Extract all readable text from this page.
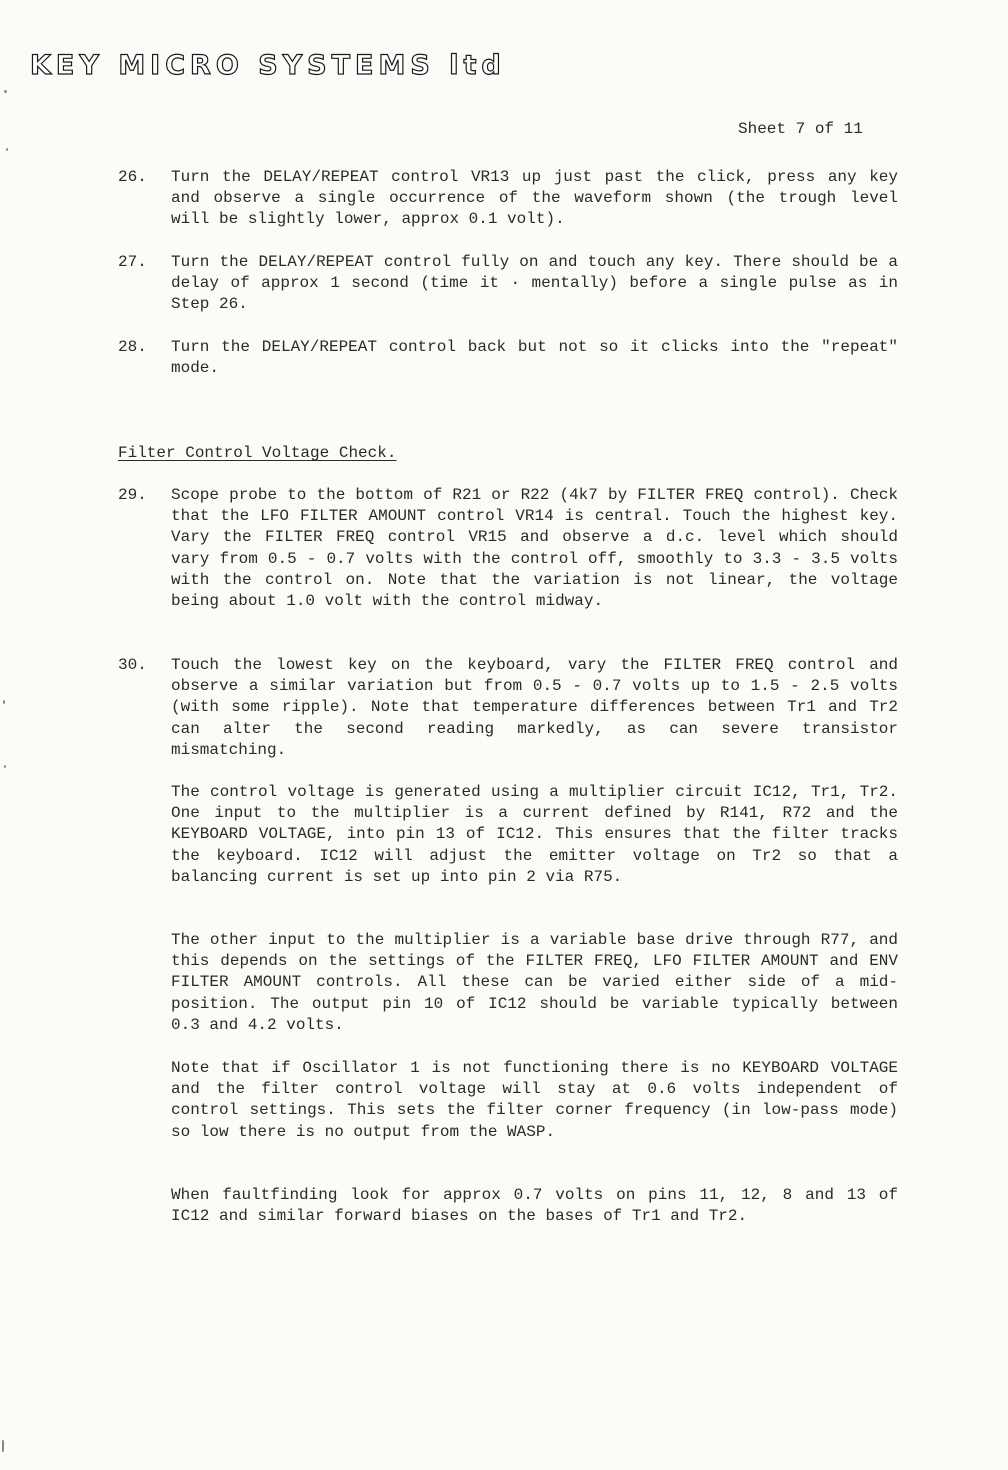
KEY MICRO SYSTEMS ltd
Sheet 7 of 11
26.	Turn the DELAY/REPEAT control VR13 up just past the click, press any key and observe a single occurrence of the waveform shown (the trough level will be slightly lower, approx 0.1 volt).
27.	Turn the DELAY/REPEAT control fully on and touch any key. There should be a delay of approx 1 second (time it · mentally) before a single pulse as in Step 26.
28.	Turn the DELAY/REPEAT control back but not so it clicks into the "repeat" mode.
Filter Control Voltage Check.
29.	Scope probe to the bottom of R21 or R22 (4k7 by FILTER FREQ control). Check that the LFO FILTER AMOUNT control VR14 is central. Touch the highest key. Vary the FILTER FREQ control VR15 and observe a d.c. level which should vary from 0.5 - 0.7 volts with the control off, smoothly to 3.3 - 3.5 volts with the control on. Note that the variation is not linear, the voltage being about 1.0 volt with the control midway.
30.	Touch the lowest key on the keyboard, vary the FILTER FREQ control and observe a similar variation but from 0.5 - 0.7 volts up to 1.5 - 2.5 volts (with some ripple). Note that temperature differences between Tr1 and Tr2 can alter the second reading markedly, as can severe transistor mismatching.
The control voltage is generated using a multiplier circuit IC12, Tr1, Tr2. One input to the multiplier is a current defined by R141, R72 and the KEYBOARD VOLTAGE, into pin 13 of IC12. This ensures that the filter tracks the keyboard. IC12 will adjust the emitter voltage on Tr2 so that a balancing current is set up into pin 2 via R75.
The other input to the multiplier is a variable base drive through R77, and this depends on the settings of the FILTER FREQ, LFO FILTER AMOUNT and ENV FILTER AMOUNT controls. All these can be varied either side of a mid-position. The output pin 10 of IC12 should be variable typically between 0.3 and 4.2 volts.
Note that if Oscillator 1 is not functioning there is no KEYBOARD VOLTAGE and the filter control voltage will stay at 0.6 volts independent of control settings. This sets the filter corner frequency (in low-pass mode) so low there is no output from the WASP.
When faultfinding look for approx 0.7 volts on pins 11, 12, 8 and 13 of IC12 and similar forward biases on the bases of Tr1 and Tr2.
